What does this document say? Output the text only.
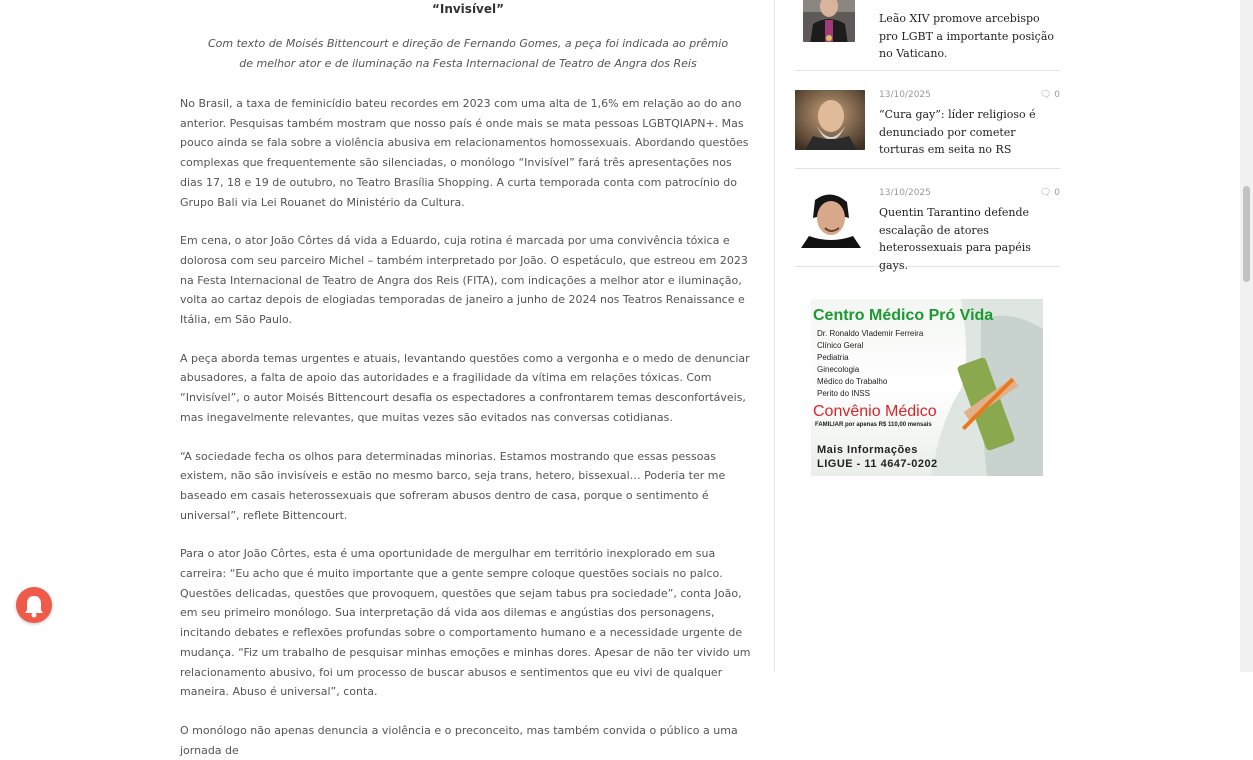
“Invisível”

Com texto de Moisés Bittencourt e direção de Fernando Gomes, a peça foi indicada ao prêmio de melhor ator e de iluminação na Festa Internacional de Teatro de Angra dos Reis

No Brasil, a taxa de feminicídio bateu recordes em 2023 com uma alta de 1,6% em relação ao do ano anterior. Pesquisas também mostram que nosso país é onde mais se mata pessoas LGBTQIAPN+. Mas pouco ainda se fala sobre a violência abusiva em relacionamentos homossexuais. Abordando questões complexas que frequentemente são silenciadas, o monólogo “Invisível” fará três apresentações nos dias 17, 18 e 19 de outubro, no Teatro Brasília Shopping. A curta temporada conta com patrocínio do Grupo Bali via Lei Rouanet do Ministério da Cultura.

Em cena, o ator João Côrtes dá vida a Eduardo, cuja rotina é marcada por uma convivência tóxica e dolorosa com seu parceiro Michel – também interpretado por João. O espetáculo, que estreou em 2023 na Festa Internacional de Teatro de Angra dos Reis (FITA), com indicações a melhor ator e iluminação, volta ao cartaz depois de elogiadas temporadas de janeiro a junho de 2024 nos Teatros Renaissance e Itália, em São Paulo.

A peça aborda temas urgentes e atuais, levantando questões como a vergonha e o medo de denunciar abusadores, a falta de apoio das autoridades e a fragilidade da vítima em relações tóxicas. Com “Invisível”, o autor Moisés Bittencourt desafia os espectadores a confrontarem temas desconfortáveis, mas inegavelmente relevantes, que muitas vezes são evitados nas conversas cotidianas.

“A sociedade fecha os olhos para determinadas minorias. Estamos mostrando que essas pessoas existem, não são invisíveis e estão no mesmo barco, seja trans, hetero, bissexual… Poderia ter me baseado em casais heterossexuais que sofreram abusos dentro de casa, porque o sentimento é universal”, reflete Bittencourt.

Para o ator João Côrtes, esta é uma oportunidade de mergulhar em território inexplorado em sua carreira: “Eu acho que é muito importante que a gente sempre coloque questões sociais no palco. Questões delicadas, questões que provoquem, questões que sejam tabus pra sociedade”, conta João, em seu primeiro monólogo. Sua interpretação dá vida aos dilemas e angústias dos personagens, incitando debates e reflexões profundas sobre o comportamento humano e a necessidade urgente de mudança. “Fiz um trabalho de pesquisar minhas emoções e minhas dores. Apesar de não ter vivido um relacionamento abusivo, foi um processo de buscar abusos e sentimentos que eu vivi de qualquer maneira. Abuso é universal”, conta.

O monólogo não apenas denuncia a violência e o preconceito, mas também convida o público a uma jornada de

Leão XIV promove arcebispo pro LGBT a importante posição no Vaticano.
13/10/2025	🗨 0
“Cura gay”: líder religioso é denunciado por cometer torturas em seita no RS
13/10/2025	🗨 0
Quentin Tarantino defende escalação de atores heterossexuais para papéis gays.
Centro Médico Pró Vida
Dr. Ronaldo Vlademir Ferreira
Clínico Geral
Pediatria
Ginecologia
Médico do Trabalho
Perito do INSS
Convênio Médico
FAMILIAR por apenas R$ 110,00 mensais
Mais Informações
LIGUE - 11 4647-0202
